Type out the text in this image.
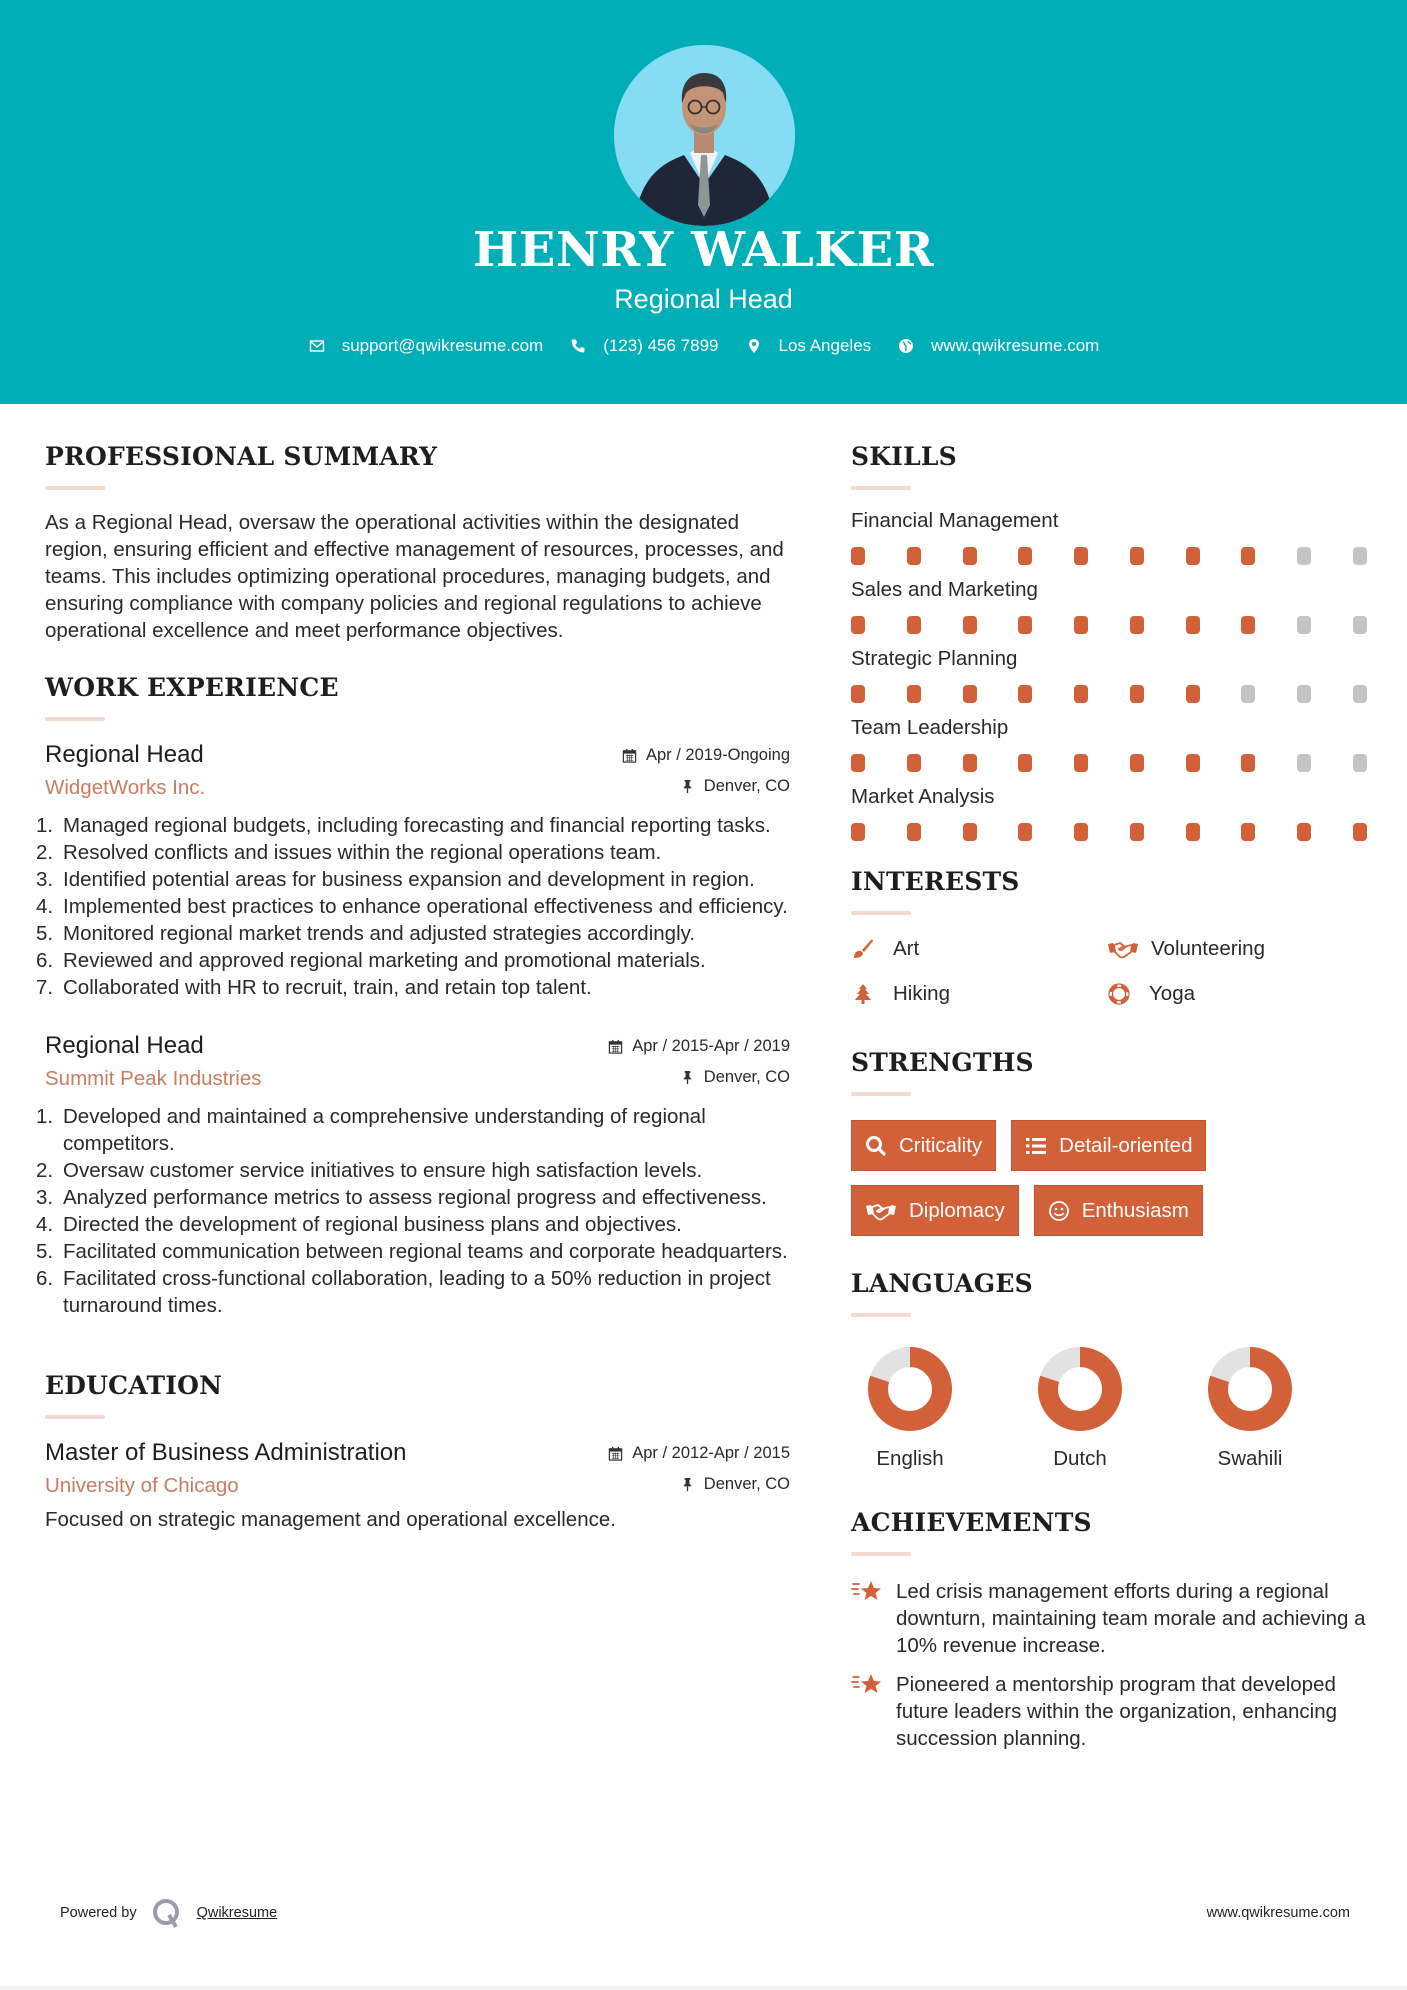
HENRY WALKER
Regional Head
support@qwikresume.com	(123) 456 7899	Los Angeles	www.qwikresume.com
PROFESSIONAL SUMMARY

As a Regional Head, oversaw the operational activities within the designated region, ensuring efficient and effective management of resources, processes, and teams. This includes optimizing operational procedures, managing budgets, and ensuring compliance with company policies and regional regulations to achieve operational excellence and meet performance objectives.

WORK EXPERIENCE
Regional Head
WidgetWorks Inc.
Apr / 2019-Ongoing
Denver, CO
1. Managed regional budgets, including forecasting and financial reporting tasks.
2. Resolved conflicts and issues within the regional operations team.
3. Identified potential areas for business expansion and development in region.
4. Implemented best practices to enhance operational effectiveness and efficiency.
5. Monitored regional market trends and adjusted strategies accordingly.
6. Reviewed and approved regional marketing and promotional materials.
7. Collaborated with HR to recruit, train, and retain top talent.
Regional Head
Summit Peak Industries
Apr / 2015-Apr / 2019
Denver, CO
1. Developed and maintained a comprehensive understanding of regional competitors.
2. Oversaw customer service initiatives to ensure high satisfaction levels.
3. Analyzed performance metrics to assess regional progress and effectiveness.
4. Directed the development of regional business plans and objectives.
5. Facilitated communication between regional teams and corporate headquarters.
6. Facilitated cross-functional collaboration, leading to a 50% reduction in project turnaround times.
EDUCATION
Master of Business Administration
University of Chicago
Apr / 2012-Apr / 2015
Denver, CO

Focused on strategic management and operational excellence.

SKILLS
Financial Management
Sales and Marketing
Strategic Planning
Team Leadership
Market Analysis
INTERESTS
Art	Volunteering
Hiking	Yoga
STRENGTHS
Criticality	Detail-oriented
Diplomacy	Enthusiasm
LANGUAGES
English	Dutch	Swahili
ACHIEVEMENTS
Led crisis management efforts during a regional downturn, maintaining team morale and achieving a 10% revenue increase.
Pioneered a mentorship program that developed future leaders within the organization, enhancing succession planning.
Powered by	Qwikresume	www.qwikresume.com
